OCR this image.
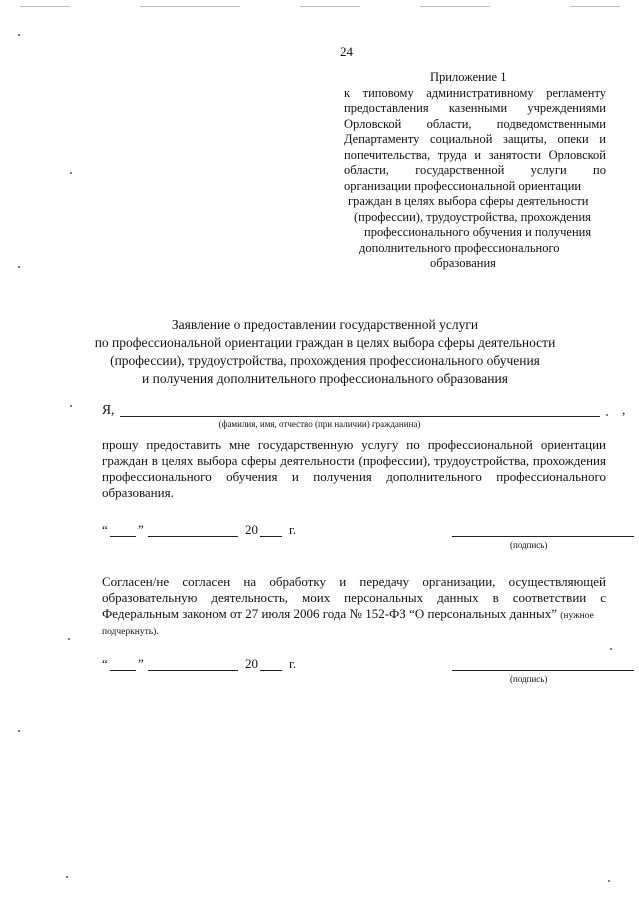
24
Приложение 1
к типовому административному регламенту
предоставления казенными учреждениями
Орловской области, подведомственными
Департаменту социальной защиты, опеки и
попечительства, труда и занятости Орловской
области, государственной услуги по
организации профессиональной ориентации
граждан в целях выбора сферы деятельности
(профессии), трудоустройства, прохождения
профессионального обучения и получения
дополнительного профессионального
образования
Заявление о предоставлении государственной услуги
по профессиональной ориентации граждан в целях выбора сферы деятельности
(профессии), трудоустройства, прохождения профессионального обучения
и получения дополнительного профессионального образования
Я,	,
(фамилия, имя, отчество (при наличии) гражданина)
прошу предоставить мне государственную услугу по профессиональной ориентации
граждан в целях выбора сферы деятельности (профессии), трудоустройства, прохождения
профессионального обучения и получения дополнительного профессионального
образования.
“ ”	20 г.
(подпись)
Согласен/не согласен на обработку и передачу организации, осуществляющей
образовательную деятельность, моих персональных данных в соответствии с
Федеральным законом от 27 июля 2006 года № 152-ФЗ “О персональных данных” (нужное
подчеркнуть).
“ ”	20 г.
(подпись)
